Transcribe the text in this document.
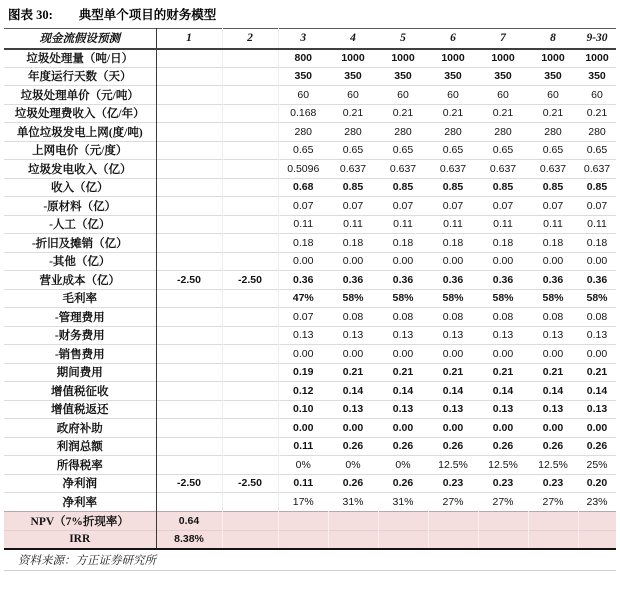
图表 30: 典型单个项目的财务模型
现金流假设预测	1	2	3	4	5	6	7	8	9-30
垃圾处理量（吨/日）			800	1000	1000	1000	1000	1000	1000
年度运行天数（天）			350	350	350	350	350	350	350
垃圾处理单价（元/吨）			60	60	60	60	60	60	60
垃圾处理费收入（亿/年）			0.168	0.21	0.21	0.21	0.21	0.21	0.21
单位垃圾发电上网(度/吨)			280	280	280	280	280	280	280
上网电价（元/度）			0.65	0.65	0.65	0.65	0.65	0.65	0.65
垃圾发电收入（亿）			0.5096	0.637	0.637	0.637	0.637	0.637	0.637
收入（亿）			0.68	0.85	0.85	0.85	0.85	0.85	0.85
-原材料（亿）			0.07	0.07	0.07	0.07	0.07	0.07	0.07
-人工（亿）			0.11	0.11	0.11	0.11	0.11	0.11	0.11
-折旧及摊销（亿）			0.18	0.18	0.18	0.18	0.18	0.18	0.18
-其他（亿）			0.00	0.00	0.00	0.00	0.00	0.00	0.00
营业成本（亿）	-2.50	-2.50	0.36	0.36	0.36	0.36	0.36	0.36	0.36
毛利率			47%	58%	58%	58%	58%	58%	58%
-管理费用			0.07	0.08	0.08	0.08	0.08	0.08	0.08
-财务费用			0.13	0.13	0.13	0.13	0.13	0.13	0.13
-销售费用			0.00	0.00	0.00	0.00	0.00	0.00	0.00
期间费用			0.19	0.21	0.21	0.21	0.21	0.21	0.21
增值税征收			0.12	0.14	0.14	0.14	0.14	0.14	0.14
增值税返还			0.10	0.13	0.13	0.13	0.13	0.13	0.13
政府补助			0.00	0.00	0.00	0.00	0.00	0.00	0.00
利润总额			0.11	0.26	0.26	0.26	0.26	0.26	0.26
所得税率			0%	0%	0%	12.5%	12.5%	12.5%	25%
净利润	-2.50	-2.50	0.11	0.26	0.26	0.23	0.23	0.23	0.20
净利率			17%	31%	31%	27%	27%	27%	23%
NPV（7%折现率）	0.64								
IRR	8.38%								
资料来源：方正证券研究所
